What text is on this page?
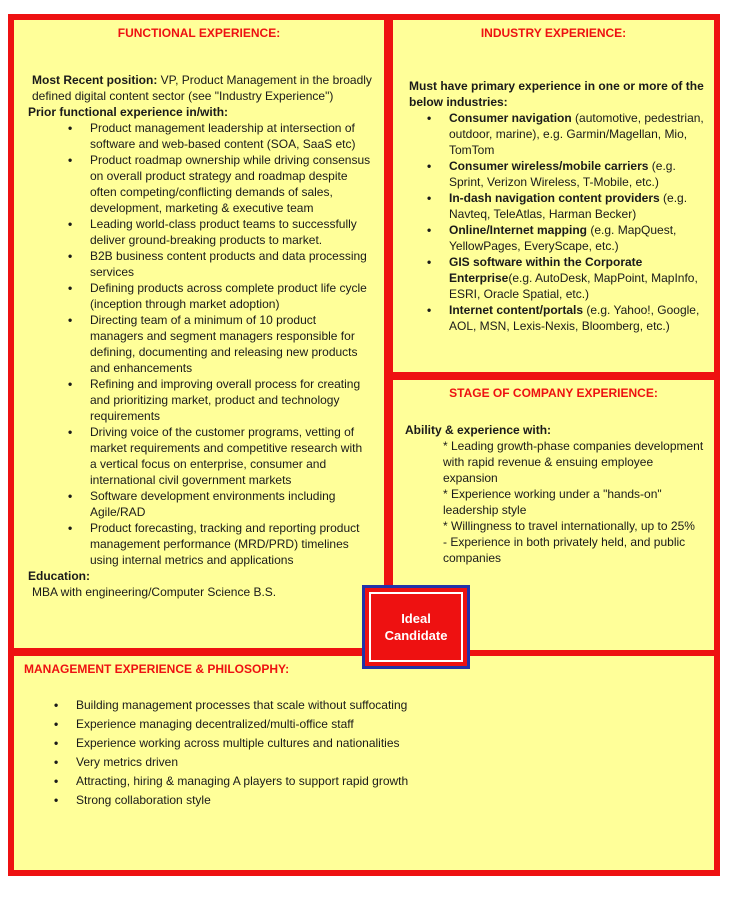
FUNCTIONAL EXPERIENCE:
Most Recent position: VP, Product Management in the broadly defined digital content sector (see "Industry Experience")
Prior functional experience in/with:
• Product management leadership at intersection of software and web-based content (SOA, SaaS etc)
• Product roadmap ownership while driving consensus on overall product strategy and roadmap despite often competing/conflicting demands of sales, development, marketing & executive team
• Leading world-class product teams to successfully deliver ground-breaking products to market.
• B2B business content products and data processing services
• Defining products across complete product life cycle (inception through market adoption)
• Directing team of a minimum of 10 product managers and segment managers responsible for defining, documenting and releasing new products and enhancements
• Refining and improving overall process for creating and prioritizing market, product and technology requirements
• Driving voice of the customer programs, vetting of market requirements and competitive research with a vertical focus on enterprise, consumer and international civil government markets
• Software development environments including Agile/RAD
• Product forecasting, tracking and reporting product management performance (MRD/PRD) timelines using internal metrics and applications
Education:
MBA with engineering/Computer Science B.S.
INDUSTRY EXPERIENCE:
Must have primary experience in one or more of the below industries:
• Consumer navigation (automotive, pedestrian, outdoor, marine), e.g. Garmin/Magellan, Mio, TomTom
• Consumer wireless/mobile carriers (e.g. Sprint, Verizon Wireless, T-Mobile, etc.)
• In-dash navigation content providers (e.g. Navteq, TeleAtlas, Harman Becker)
• Online/Internet mapping (e.g. MapQuest, YellowPages, EveryScape, etc.)
• GIS software within the Corporate Enterprise(e.g. AutoDesk, MapPoint, MapInfo, ESRI, Oracle Spatial, etc.)
• Internet content/portals (e.g. Yahoo!, Google, AOL, MSN, Lexis-Nexis, Bloomberg, etc.)
STAGE OF COMPANY EXPERIENCE:
Ability & experience with:
* Leading growth-phase companies development with rapid revenue & ensuing employee expansion
* Experience working under a "hands-on" leadership style
* Willingness to travel internationally, up to 25%
- Experience in both privately held, and public companies
MANAGEMENT EXPERIENCE & PHILOSOPHY:
• Building management processes that scale without suffocating
• Experience managing decentralized/multi-office staff
• Experience working across multiple cultures and nationalities
• Very metrics driven
• Attracting, hiring & managing A players to support rapid growth
• Strong collaboration style
Ideal
Candidate
